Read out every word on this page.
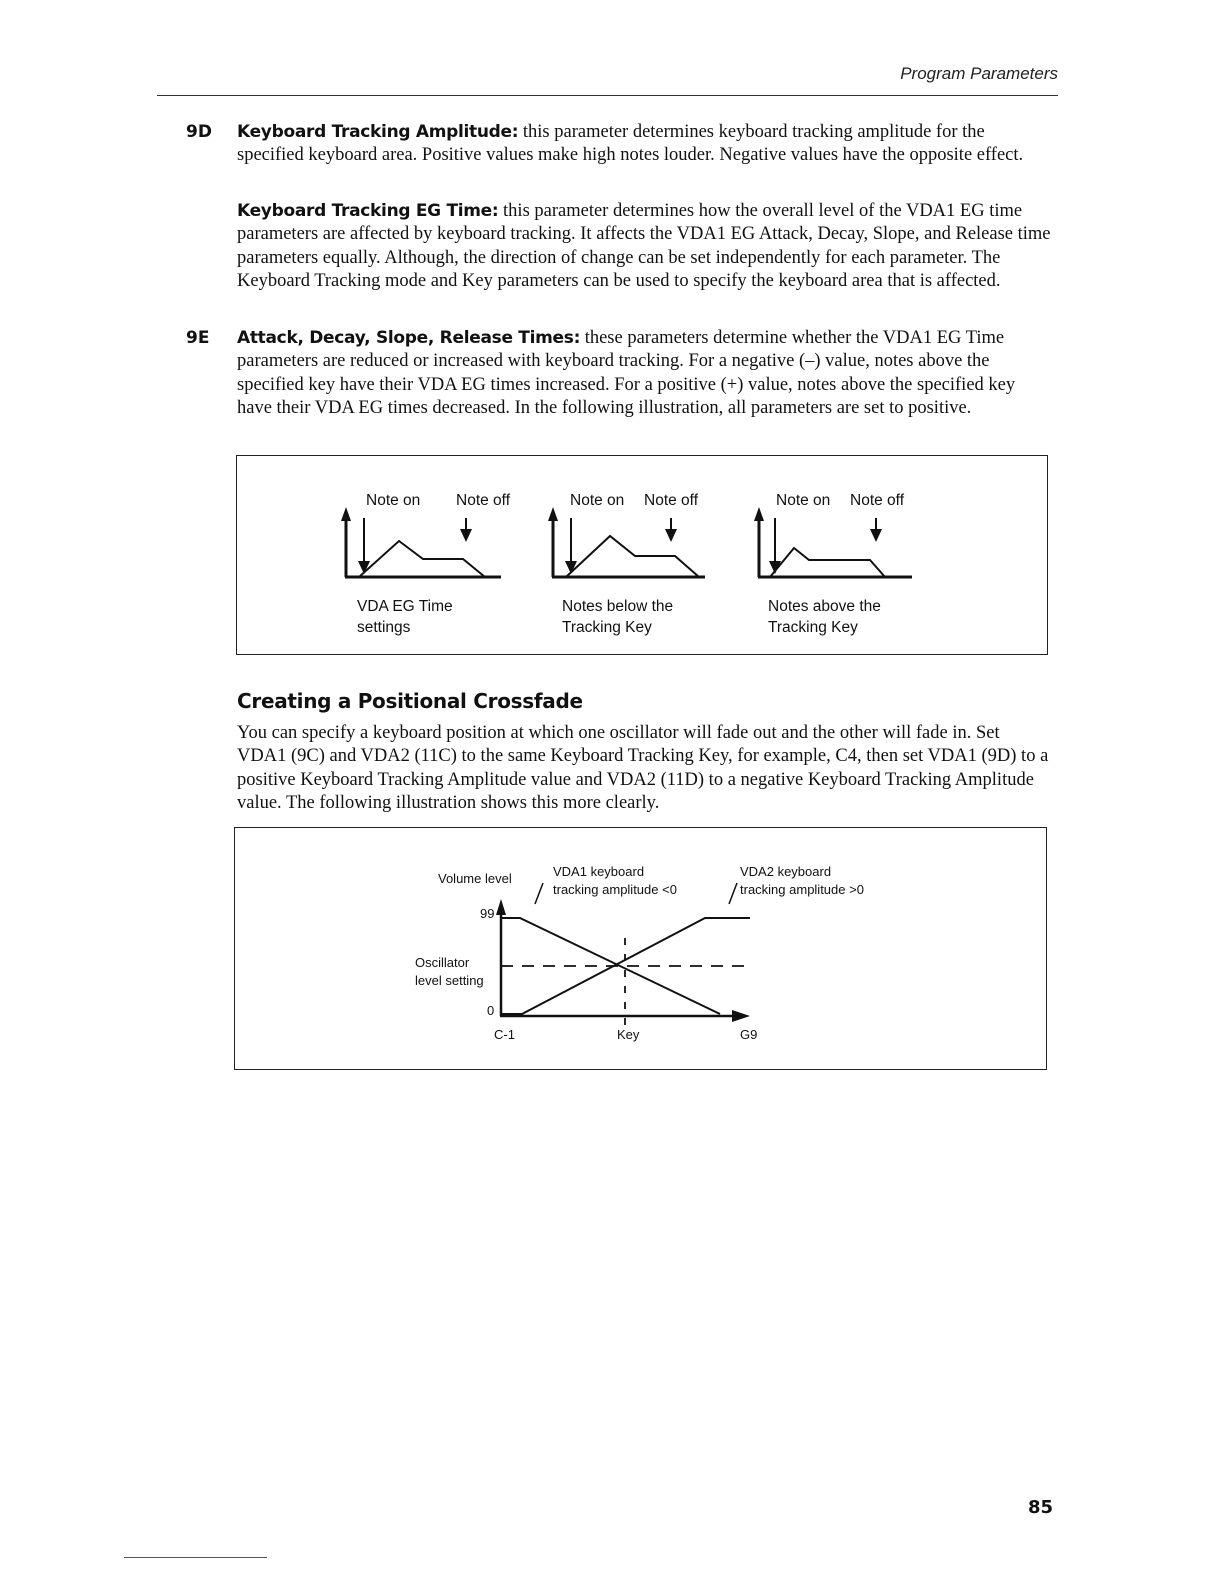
Program Parameters
9D Keyboard Tracking Amplitude: this parameter determines keyboard tracking amplitude for the specified keyboard area. Positive values make high notes louder. Negative values have the opposite effect.

Keyboard Tracking EG Time: this parameter determines how the overall level of the VDA1 EG time parameters are affected by keyboard tracking. It affects the VDA1 EG Attack, Decay, Slope, and Release time parameters equally. Although, the direction of change can be set independently for each parameter. The Keyboard Tracking mode and Key parameters can be used to specify the keyboard area that is affected.

9E Attack, Decay, Slope, Release Times: these parameters determine whether the VDA1 EG Time parameters are reduced or increased with keyboard tracking. For a negative (–) value, notes above the specified key have their VDA EG times increased. For a positive (+) value, notes above the specified key have their VDA EG times decreased. In the following illustration, all parameters are set to positive.

Note on Note off
VDA EG Time
settings
Note on Note off
Notes below the
Tracking Key
Note on Note off
Notes above the
Tracking Key
Creating a Positional Crossfade

You can specify a keyboard position at which one oscillator will fade out and the other will fade in. Set VDA1 (9C) and VDA2 (11C) to the same Keyboard Tracking Key, for example, C4, then set VDA1 (9D) to a positive Keyboard Tracking Amplitude value and VDA2 (11D) to a negative Keyboard Tracking Amplitude value. The following illustration shows this more clearly.

Volume level
99
Oscillator
level setting
0
VDA1 keyboard
tracking amplitude <0
VDA2 keyboard
tracking amplitude >0
C-1	Key	G9
85
